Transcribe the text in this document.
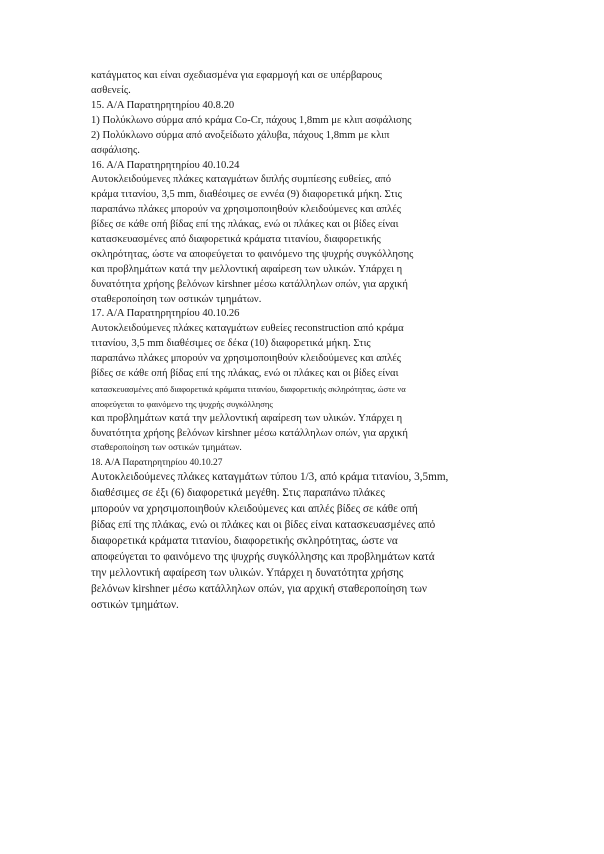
κατάγματος και είναι σχεδιασμένα για εφαρμογή και σε υπέρβαρους
ασθενείς.
15. Α/Α Παρατηρητηρίου 40.8.20
1) Πολύκλωνο σύρμα από κράμα Co-Cr, πάχους 1,8mm με κλιπ ασφάλισης
2) Πολύκλωνο σύρμα από ανοξείδωτο χάλυβα, πάχους 1,8mm με κλιπ
ασφάλισης.
16. Α/Α Παρατηρητηρίου 40.10.24
Αυτοκλειδούμενες πλάκες καταγμάτων διπλής συμπίεσης ευθείες, από
κράμα τιτανίου, 3,5 mm, διαθέσιμες σε εννέα (9) διαφορετικά μήκη. Στις
παραπάνω πλάκες μπορούν να χρησιμοποιηθούν κλειδούμενες και απλές
βίδες σε κάθε οπή βίδας επί της πλάκας, ενώ οι πλάκες και οι βίδες είναι
κατασκευασμένες από διαφορετικά κράματα τιτανίου, διαφορετικής
σκληρότητας, ώστε να αποφεύγεται το φαινόμενο της ψυχρής συγκόλλησης
και προβλημάτων κατά την μελλοντική αφαίρεση των υλικών. Υπάρχει η
δυνατότητα χρήσης βελόνων kirshner μέσω κατάλληλων οπών, για αρχική
σταθεροποίηση των οστικών τμημάτων.
17. Α/Α Παρατηρητηρίου 40.10.26
Αυτοκλειδούμενες πλάκες καταγμάτων ευθείες reconstruction από κράμα
τιτανίου, 3,5 mm διαθέσιμες σε δέκα (10) διαφορετικά μήκη. Στις
παραπάνω πλάκες μπορούν να χρησιμοποιηθούν κλειδούμενες και απλές
βίδες σε κάθε οπή βίδας επί της πλάκας, ενώ οι πλάκες και οι βίδες είναι
κατασκευασμένες από διαφορετικά κράματα τιτανίου, διαφορετικής σκληρότητας, ώστε να
αποφεύγεται το φαινόμενο της ψυχρής συγκόλλησης
και προβλημάτων κατά την μελλοντική αφαίρεση των υλικών. Υπάρχει η
δυνατότητα χρήσης βελόνων kirshner μέσω κατάλληλων οπών, για αρχική
σταθεροποίηση των οστικών τμημάτων.
18. Α/Α Παρατηρητηρίου 40.10.27
Αυτοκλειδούμενες πλάκες καταγμάτων τύπου 1/3, από κράμα τιτανίου, 3,5mm,
διαθέσιμες σε έξι (6) διαφορετικά μεγέθη. Στις παραπάνω πλάκες
μπορούν να χρησιμοποιηθούν κλειδούμενες και απλές βίδες σε κάθε οπή
βίδας επί της πλάκας, ενώ οι πλάκες και οι βίδες είναι κατασκευασμένες από
διαφορετικά κράματα τιτανίου, διαφορετικής σκληρότητας, ώστε να
αποφεύγεται το φαινόμενο της ψυχρής συγκόλλησης και προβλημάτων κατά
την μελλοντική αφαίρεση των υλικών. Υπάρχει η δυνατότητα χρήσης
βελόνων kirshner μέσω κατάλληλων οπών, για αρχική σταθεροποίηση των
οστικών τμημάτων.
